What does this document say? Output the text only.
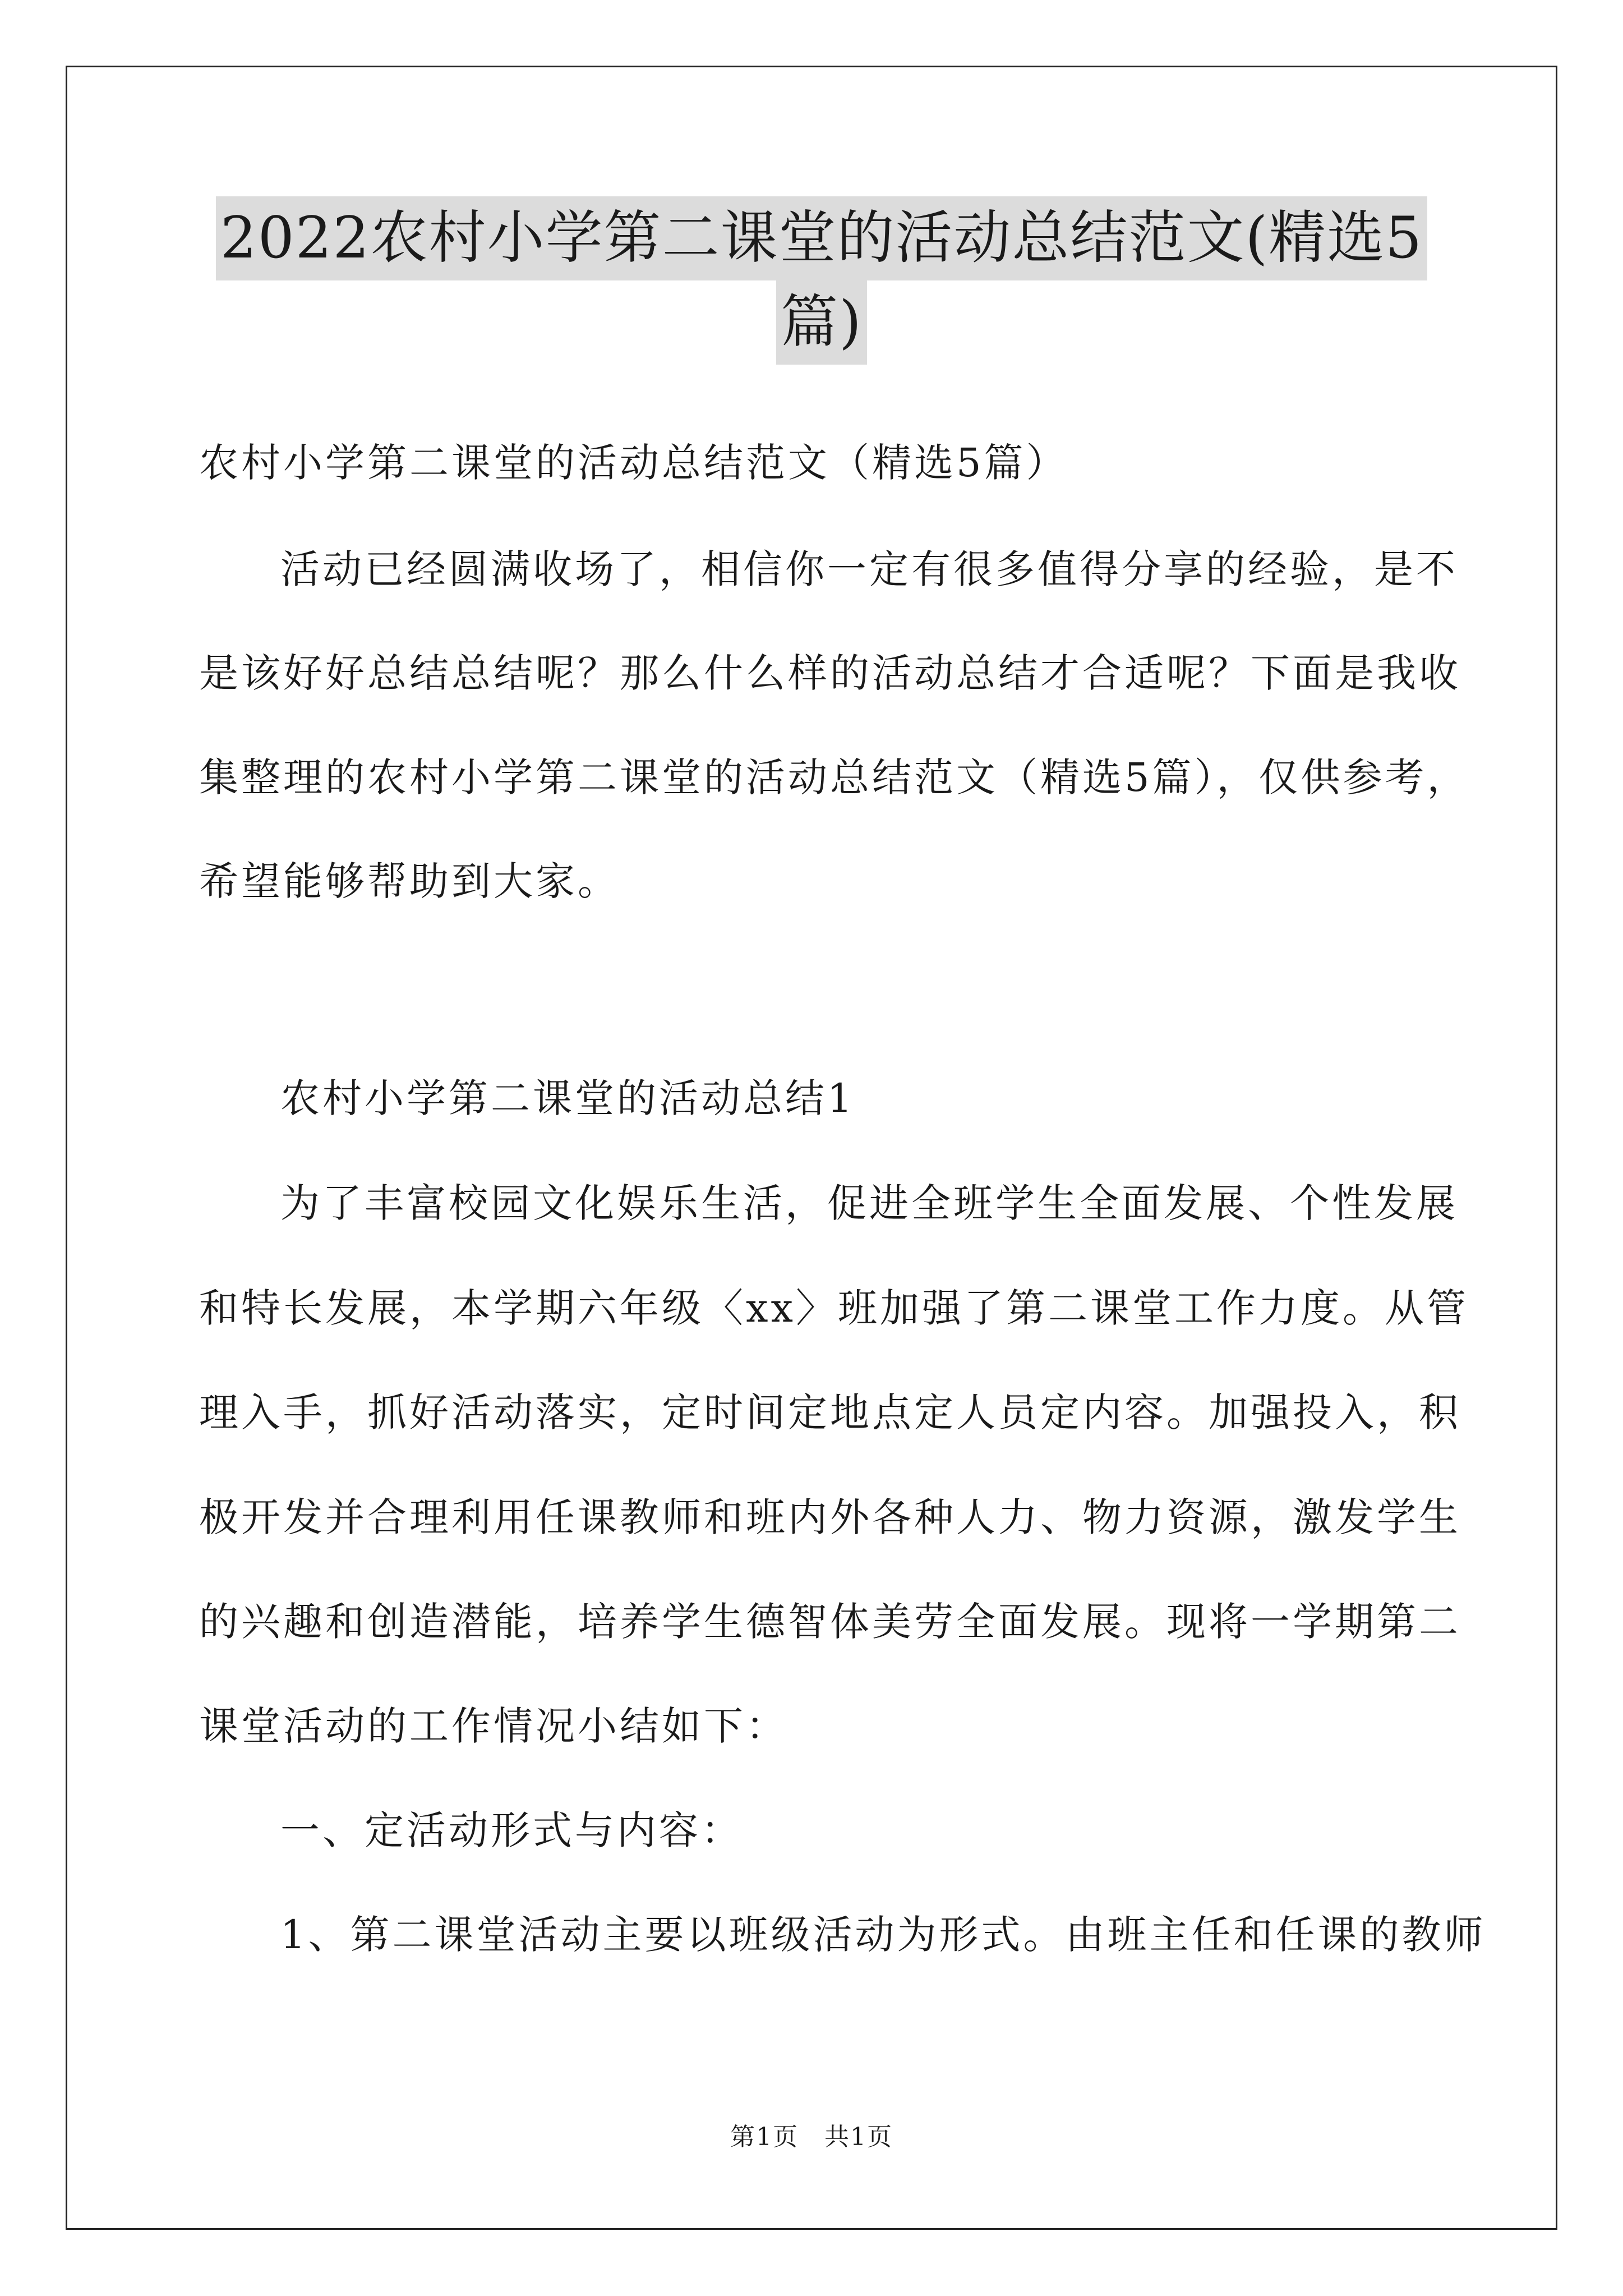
2022农村小学第二课堂的活动总结范文(精选5
篇)
农村小学第二课堂的活动总结范文（精选5篇）
活动已经圆满收场了，相信你一定有很多值得分享的经验，是不
是该好好总结总结呢？那么什么样的活动总结才合适呢？下面是我收
集整理的农村小学第二课堂的活动总结范文（精选5篇），仅供参考，
希望能够帮助到大家。
农村小学第二课堂的活动总结1
为了丰富校园文化娱乐生活，促进全班学生全面发展、个性发展
和特长发展，本学期六年级〈xx〉班加强了第二课堂工作力度。从管
理入手，抓好活动落实，定时间定地点定人员定内容。加强投入，积
极开发并合理利用任课教师和班内外各种人力、物力资源，激发学生
的兴趣和创造潜能，培养学生德智体美劳全面发展。现将一学期第二
课堂活动的工作情况小结如下：
一、定活动形式与内容：
1、第二课堂活动主要以班级活动为形式。由班主任和任课的教师
第1页　共1页
